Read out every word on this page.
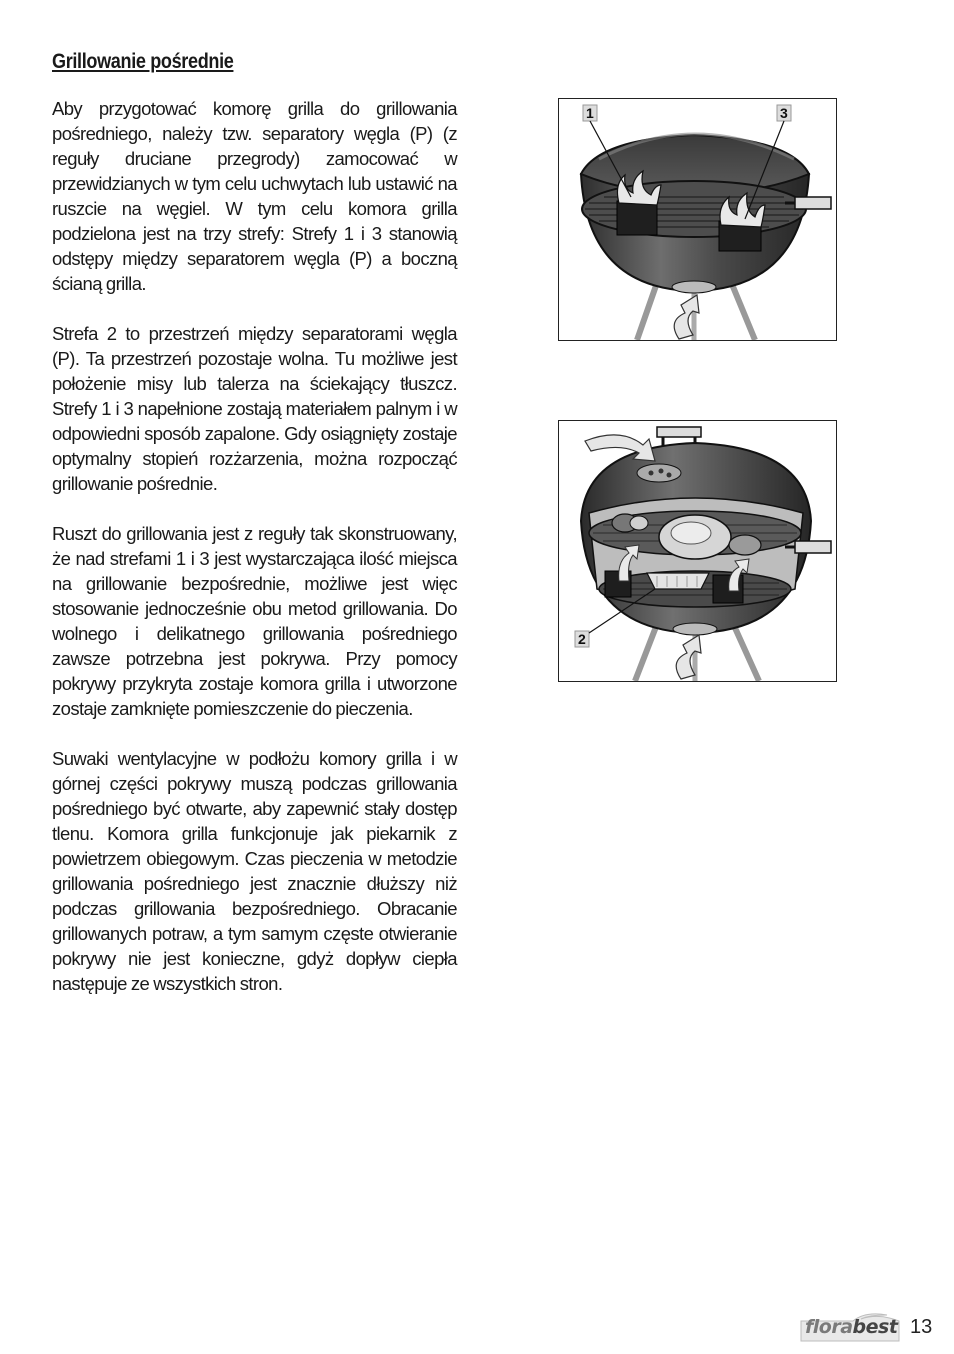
Grillowanie pośrednie

Aby przygotować komorę grilla do grillowania pośredniego, należy tzw. separatory węgla (P) (z reguły druciane przegrody) zamocować w przewidzianych w tym celu uchwytach lub ustawić na ruszcie na węgiel. W tym celu komora grilla podzielona jest na trzy strefy: Strefy 1 i 3 stanowią odstępy między separatorem węgla (P) a boczną ścianą grilla.

Strefa 2 to przestrzeń między separatorami węgla (P). Ta przestrzeń pozostaje wolna. Tu możliwe jest położenie misy lub talerza na ściekający tłuszcz. Strefy 1 i 3 napełnione zostają materiałem palnym i w odpowiedni sposób zapalone. Gdy osiągnięty zostaje optymalny stopień rozżarzenia, można rozpocząć grillowanie pośrednie.

Ruszt do grillowania jest z reguły tak skonstruowany, że nad strefami 1 i 3 jest wystarczająca ilość miejsca na grillowanie bezpośrednie, możliwe jest więc stosowanie jednocześnie obu metod grillowania. Do wolnego i delikatnego grillowania pośredniego zawsze potrzebna jest pokrywa. Przy pomocy pokrywy przykryta zostaje komora grilla i utworzone zostaje zamknięte pomieszczenie do pieczenia.

Suwaki wentylacyjne w podłożu komory grilla i w górnej części pokrywy muszą podczas grillowania pośredniego być otwarte, aby zapewnić stały dostęp tlenu. Komora grilla funkcjonuje jak piekarnik z powietrzem obiegowym. Czas pieczenia w metodzie grillowania pośredniego jest znacznie dłuższy niż podczas grillowania bezpośredniego. Obracanie grillowanych potraw, a tym samym częste otwieranie pokrywy nie jest konieczne, gdyż dopływ ciepła następuje ze wszystkich stron.

1	3
2
florabest 13
